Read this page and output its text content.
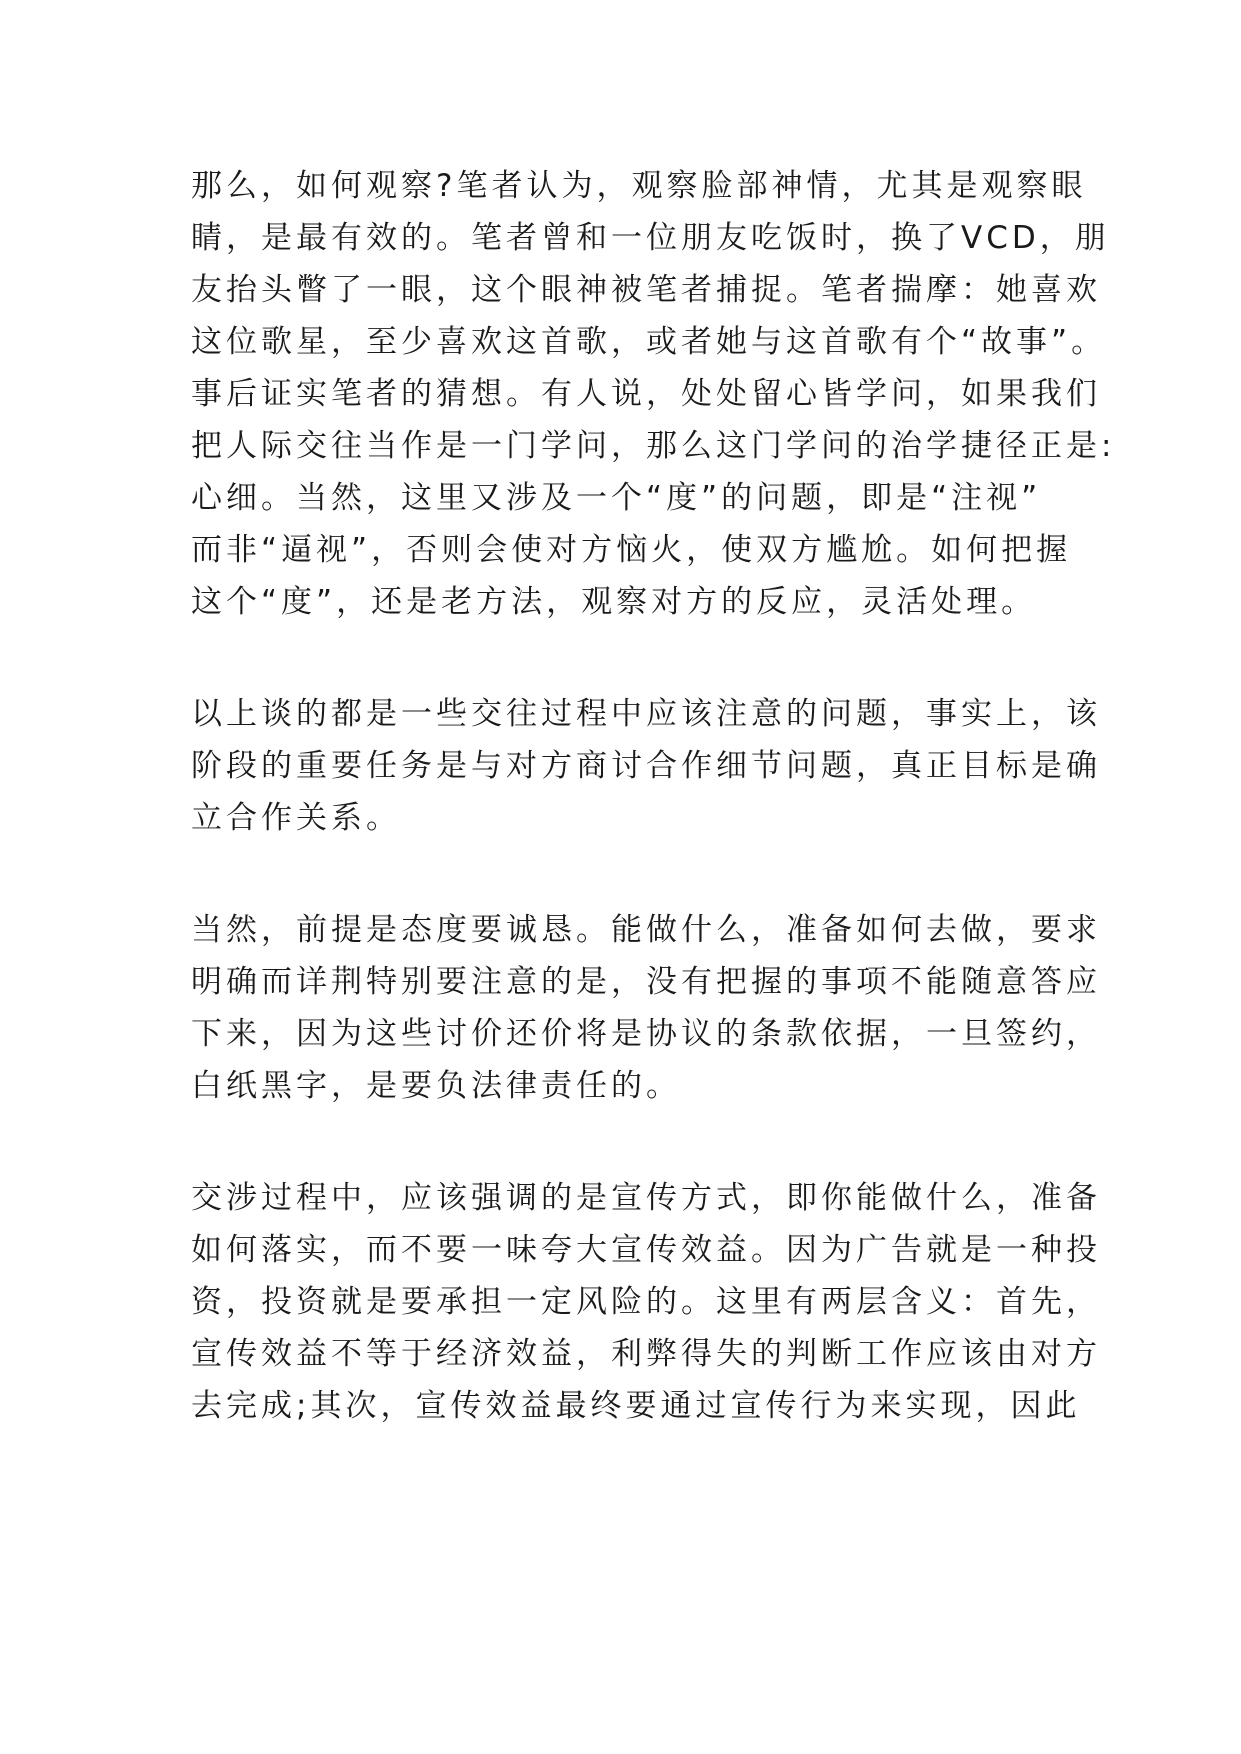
那么，如何观察?笔者认为，观察脸部神情，尤其是观察眼
睛，是最有效的。笔者曾和一位朋友吃饭时，换了VCD，朋
友抬头瞥了一眼，这个眼神被笔者捕捉。笔者揣摩：她喜欢
这位歌星，至少喜欢这首歌，或者她与这首歌有个“故事”。
事后证实笔者的猜想。有人说，处处留心皆学问，如果我们
把人际交往当作是一门学问，那么这门学问的治学捷径正是:
心细。当然，这里又涉及一个“度”的问题，即是“注视”
而非“逼视”，否则会使对方恼火，使双方尴尬。如何把握
这个“度”，还是老方法，观察对方的反应，灵活处理。
以上谈的都是一些交往过程中应该注意的问题，事实上，该
阶段的重要任务是与对方商讨合作细节问题，真正目标是确
立合作关系。
当然，前提是态度要诚恳。能做什么，准备如何去做，要求
明确而详荆特别要注意的是，没有把握的事项不能随意答应
下来，因为这些讨价还价将是协议的条款依据，一旦签约，
白纸黑字，是要负法律责任的。
交涉过程中，应该强调的是宣传方式，即你能做什么，准备
如何落实，而不要一味夸大宣传效益。因为广告就是一种投
资，投资就是要承担一定风险的。这里有两层含义：首先，
宣传效益不等于经济效益，利弊得失的判断工作应该由对方
去完成;其次，宣传效益最终要通过宣传行为来实现，因此
